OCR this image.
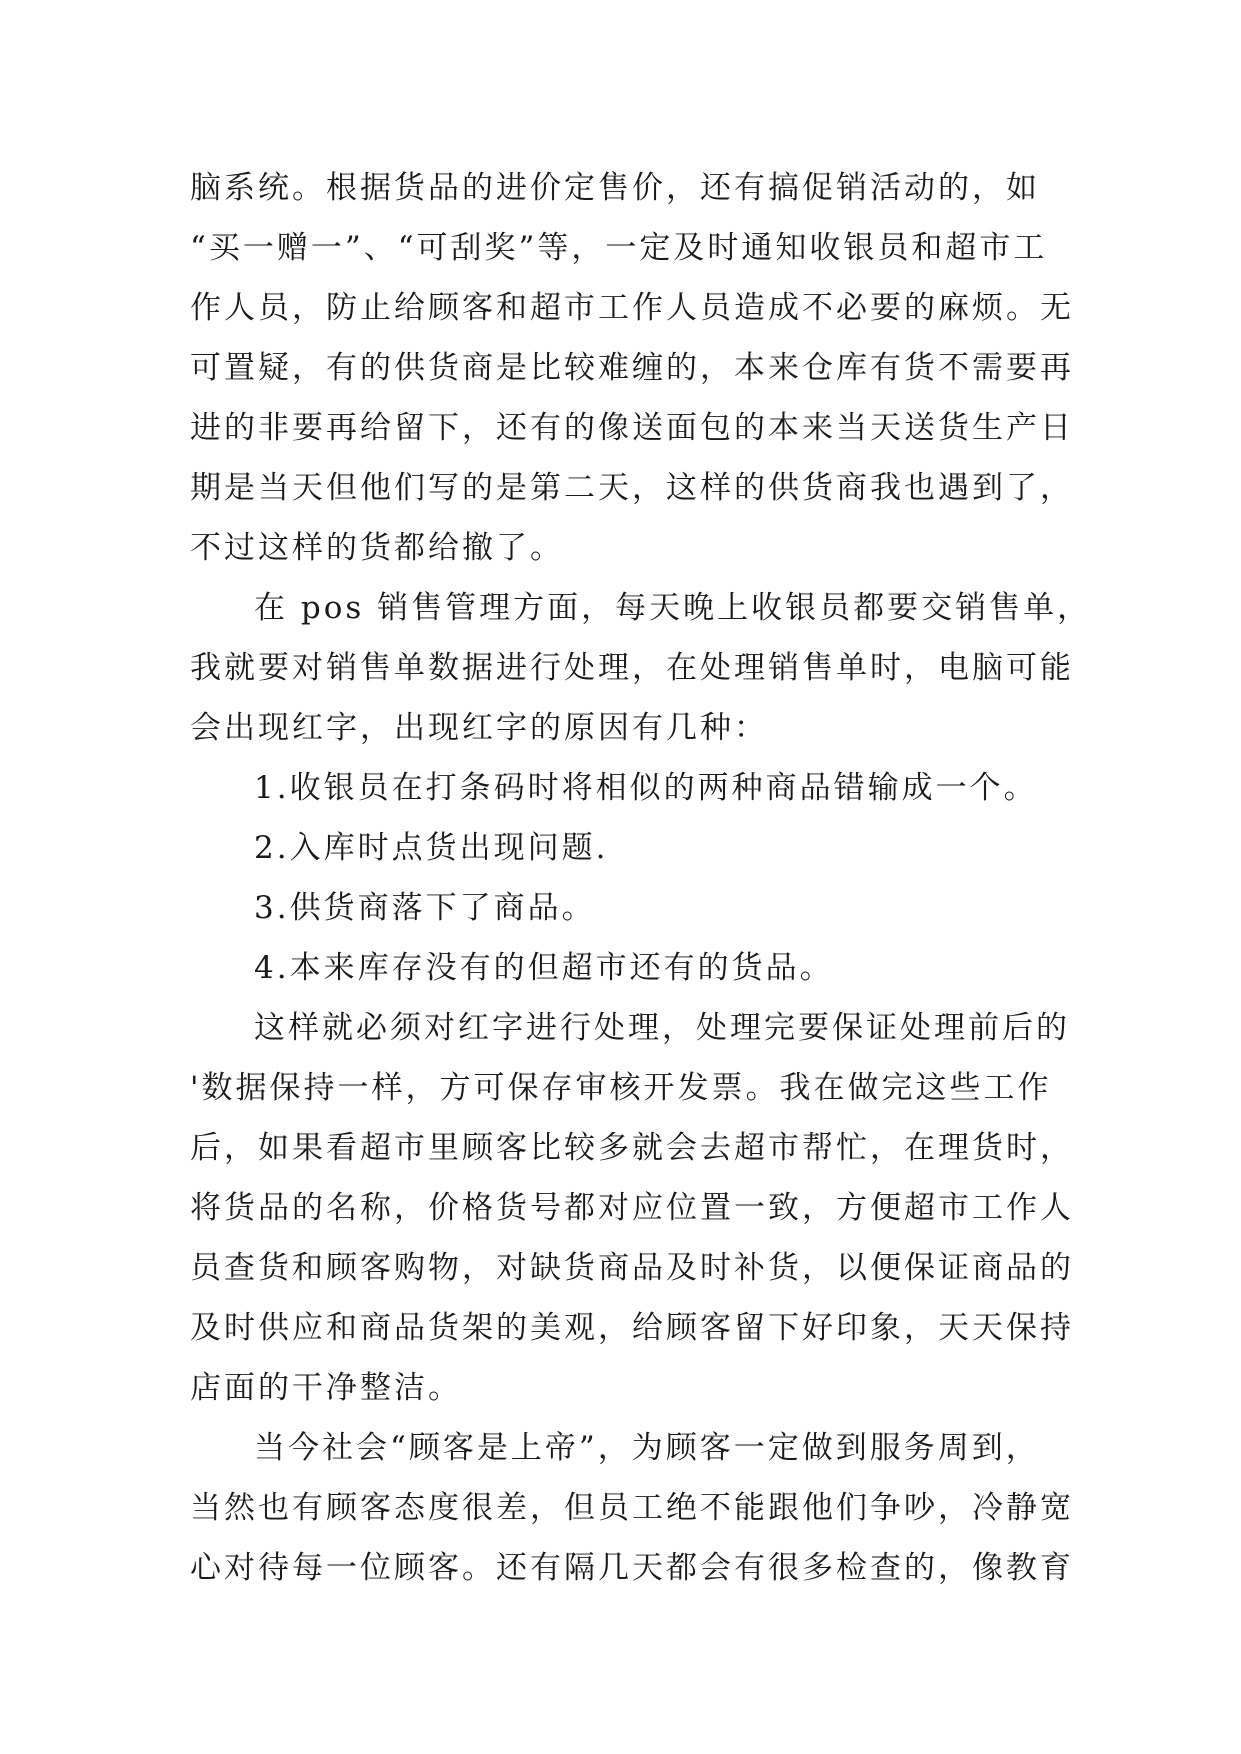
脑系统。根据货品的进价定售价，还有搞促销活动的，如
“买一赠一”、“可刮奖”等，一定及时通知收银员和超市工
作人员，防止给顾客和超市工作人员造成不必要的麻烦。无
可置疑，有的供货商是比较难缠的，本来仓库有货不需要再
进的非要再给留下，还有的像送面包的本来当天送货生产日
期是当天但他们写的是第二天，这样的供货商我也遇到了，
不过这样的货都给撤了。
在 pos 销售管理方面，每天晚上收银员都要交销售单，
我就要对销售单数据进行处理，在处理销售单时，电脑可能
会出现红字，出现红字的原因有几种：
1.收银员在打条码时将相似的两种商品错输成一个。
2.入库时点货出现问题.
3.供货商落下了商品。
4.本来库存没有的但超市还有的货品。
这样就必须对红字进行处理，处理完要保证处理前后的
'数据保持一样，方可保存审核开发票。我在做完这些工作
后，如果看超市里顾客比较多就会去超市帮忙，在理货时，
将货品的名称，价格货号都对应位置一致，方便超市工作人
员查货和顾客购物，对缺货商品及时补货，以便保证商品的
及时供应和商品货架的美观，给顾客留下好印象，天天保持
店面的干净整洁。
当今社会“顾客是上帝”，为顾客一定做到服务周到，
当然也有顾客态度很差，但员工绝不能跟他们争吵，冷静宽
心对待每一位顾客。还有隔几天都会有很多检查的，像教育
